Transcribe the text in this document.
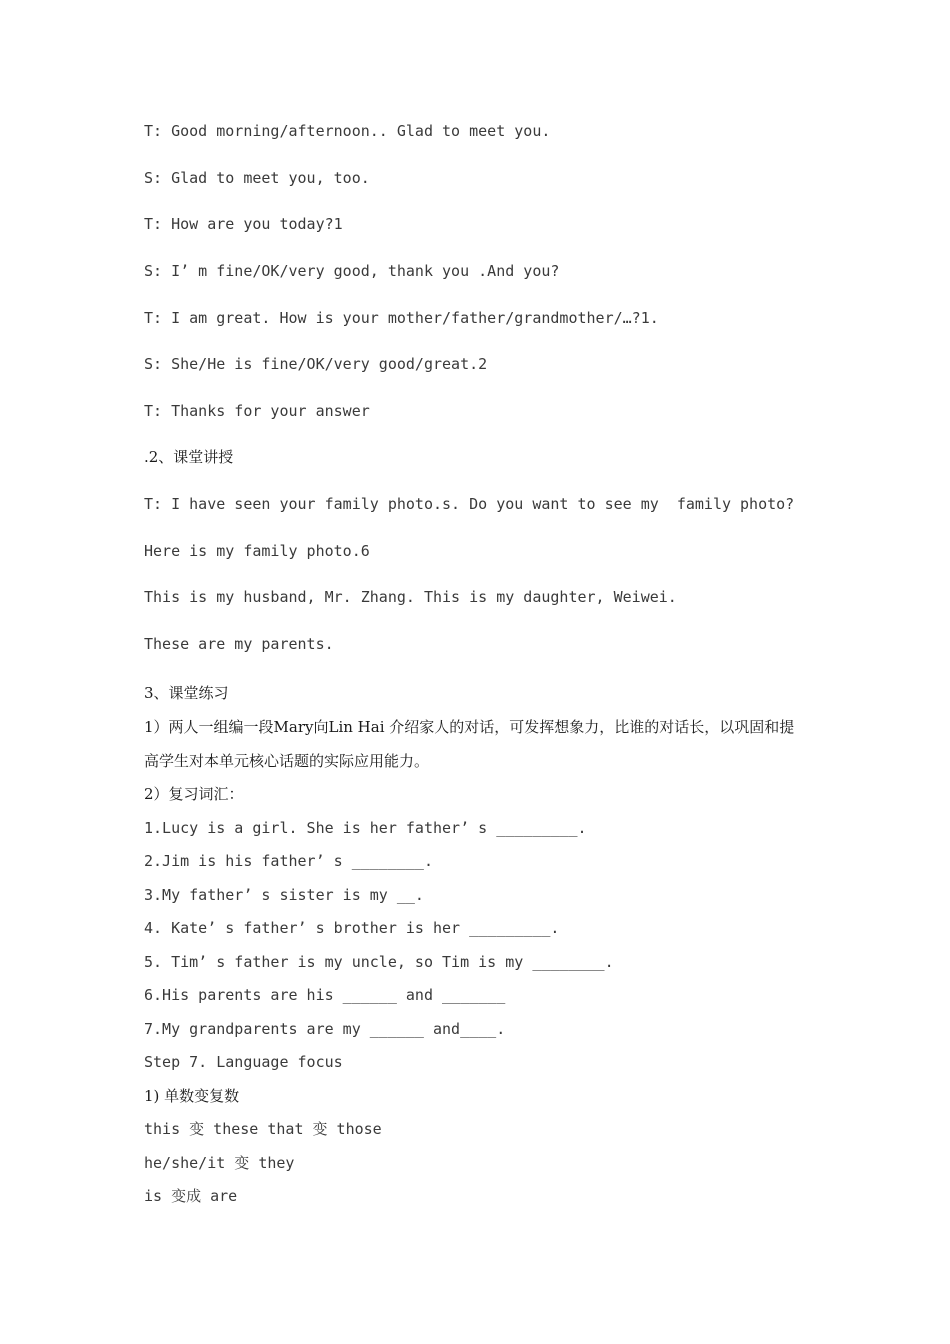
T: Good morning/afternoon.. Glad to meet you.
S: Glad to meet you, too.
T: How are you today?1
S: I’ m fine/OK/very good, thank you .And you?
T: I am great. How is your mother/father/grandmother/…?1.
S: She/He is fine/OK/very good/great.2
T: Thanks for your answer
.2、课堂讲授
T: I have seen your family photo.s. Do you want to see my  family photo?
Here is my family photo.6
This is my husband, Mr. Zhang. This is my daughter, Weiwei.
These are my parents.
3、课堂练习
1）两人一组编一段Mary向Lin Hai 介绍家人的对话，可发挥想象力，比谁的对话长，以巩固和提高学生对本单元核心话题的实际应用能力。
2）复习词汇：
1.Lucy is a girl. She is her father’ s _________.
2.Jim is his father’ s ________.
3.My father’ s sister is my __.
4. Kate’ s father’ s brother is her _________.
5. Tim’ s father is my uncle, so Tim is my ________.
6.His parents are his ______ and _______
7.My grandparents are my ______ and____.
Step 7. Language focus
1) 单数变复数
this 变 these that 变 those
he/she/it 变 they
is 变成 are
